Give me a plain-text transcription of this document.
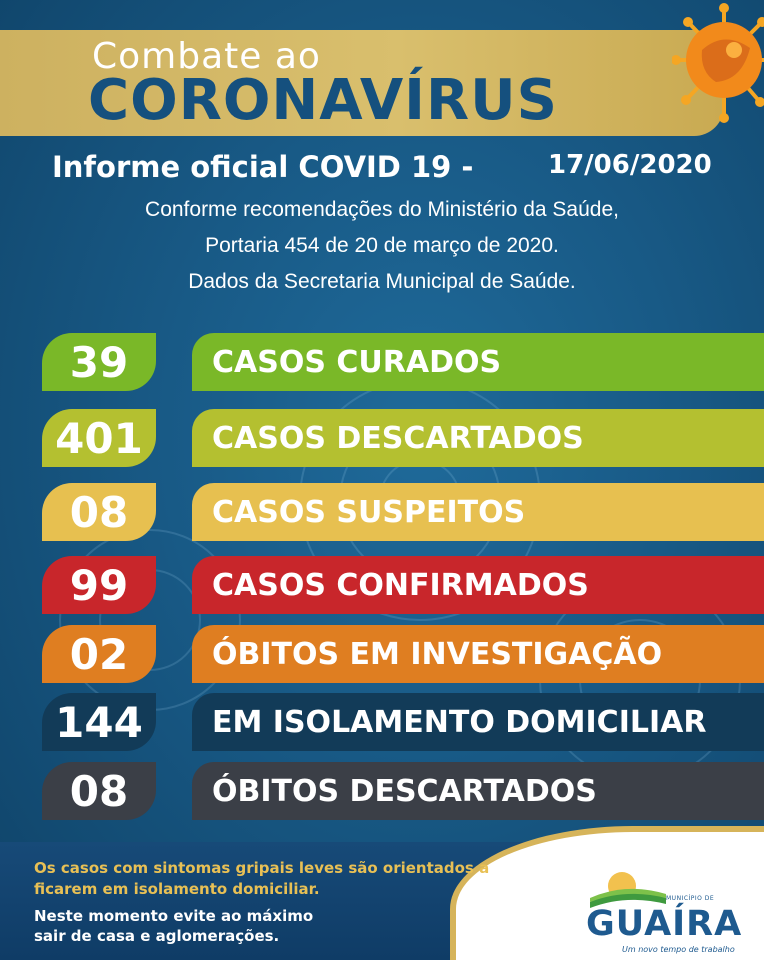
Combate ao
CORONAVÍRUS
Informe oficial COVID 19 -	17/06/2020
Conforme recomendações do Ministério da Saúde,
Portaria 454 de 20 de março de 2020.
Dados da Secretaria Municipal de Saúde.
39	CASOS CURADOS
401	CASOS DESCARTADOS
08	CASOS SUSPEITOS
99	CASOS CONFIRMADOS
02	ÓBITOS EM INVESTIGAÇÃO
144	EM ISOLAMENTO DOMICILIAR
08	ÓBITOS DESCARTADOS
Os casos com sintomas gripais leves são orientados a
ficarem em isolamento domiciliar.
Neste momento evite ao máximo
sair de casa e aglomerações.
MUNICÍPIO DE
GUAÍRA
Um novo tempo de trabalho
